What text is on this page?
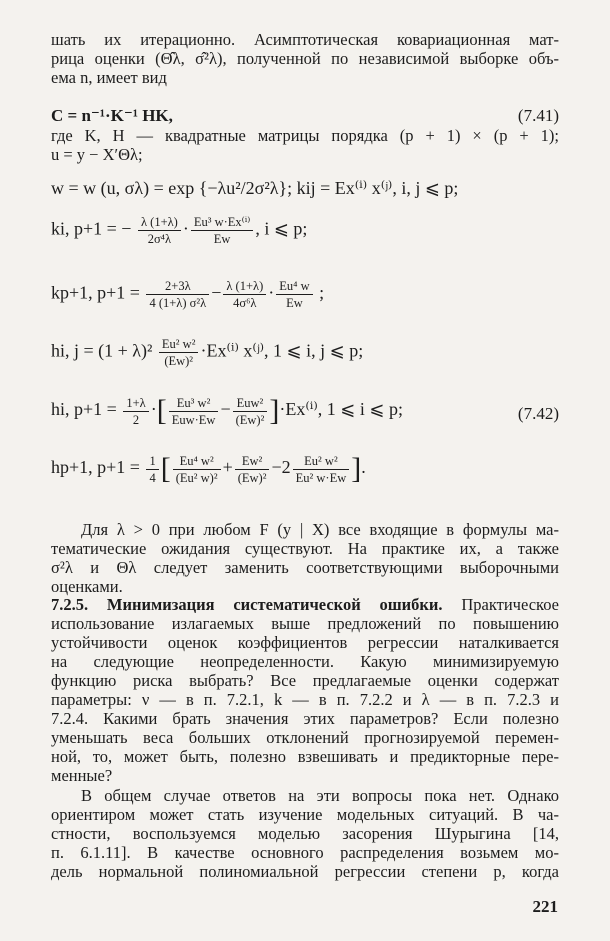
шать их итерационно. Асимптотическая ковариационная мат-
рица оценки (Θ̂λ, σ̂²λ), полученной по независимой выборке объ-
ема n, имеет вид
C = n⁻¹·K⁻¹ HK,	(7.41)
где K, H — квадратные матрицы порядка (p + 1) × (p + 1);
u = y − X′Θλ;
w = w (u, σλ) = exp {−λu²/2σ²λ}; kij = Ex⁽ⁱ⁾ x⁽ʲ⁾, i, j ⩽ p;
ki, p+1 = − $\frac{\lambda (1+\lambda)}{\text{2σ⁴λ}} \cdot \frac{\text{Eu³ w·Ex⁽ⁱ⁾}}{Ew}$ , i ⩽ p;
kp+1, $p+1 = \frac{2+3\lambda}{\text{4 (1+λ) σ²λ}} - \frac{\lambda (1+\lambda)}{\text{4σ⁶λ}} \cdot \frac{\text{Eu⁴ w}}{Ew}$ ;
hi, $j = (1 + \lambda)^2 \frac{\text{Eu² w²}}{\text{(Ew)²}} \cdot Ex^{(i)}$ x⁽ʲ⁾, 1 ⩽ i, j ⩽ p;
hi, $p+1 = \frac{1+\lambda}{2}$ ·[ $\frac{\text{Eu³ w²}}{\text{Euw·Ew}} - \frac{\text{Euw²}}{\text{(Ew)²}} ]\cdot Ex^{(i)}$, 1 ⩽ i ⩽ p;	(7.42)
hp+1, $p+1 = \frac{1}{4}$ [ $\frac{\text{Eu⁴ w²}}{\text{(Eu² w)²}} + \frac{\text{Ew²}}{\text{(Ew)²}} -2 \frac{\text{Eu² w²}}{\text{Eu² w·Ew}}$ ].
Для λ > 0 при любом F (y | X) все входящие в формулы ма-
тематические ожидания существуют. На практике их, а также
σ²λ и Θλ следует заменить соответствующими выборочными
оценками.
7.2.5. Минимизация систематической ошибки. Практическое
использование излагаемых выше предложений по повышению
устойчивости оценок коэффициентов регрессии наталкивается
на следующие неопределенности. Какую минимизируемую
функцию риска выбрать? Все предлагаемые оценки содержат
параметры: ν — в п. 7.2.1, k — в п. 7.2.2 и λ — в п. 7.2.3 и
7.2.4. Какими брать значения этих параметров? Если полезно
уменьшать веса больших отклонений прогнозируемой перемен-
ной, то, может быть, полезно взвешивать и предикторные пере-
менные?
В общем случае ответов на эти вопросы пока нет. Однако
ориентиром может стать изучение модельных ситуаций. В ча-
стности, воспользуемся моделью засорения Шурыгина [14,
п. 6.1.11]. В качестве основного распределения возьмем мо-
дель нормальной полиномиальной регрессии степени p, когда
221
